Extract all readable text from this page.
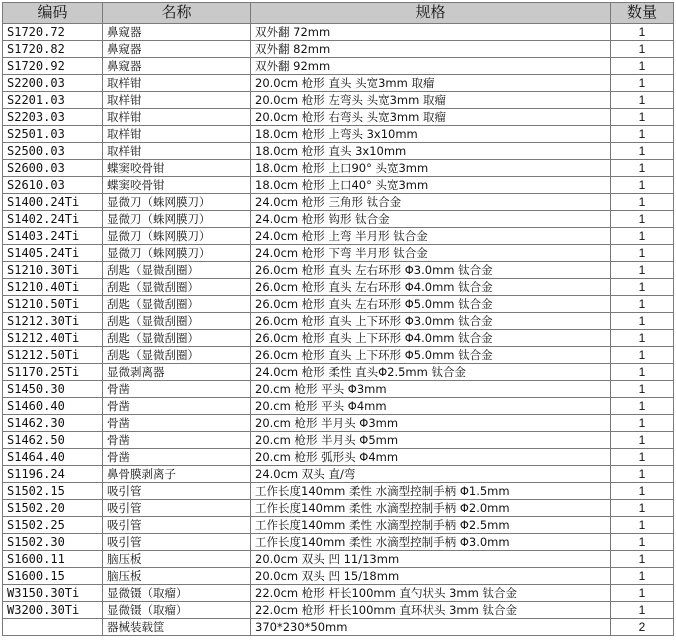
编码	名称	规格	数量
S1720.72	鼻窥器	双外翻 72mm	1
S1720.82	鼻窥器	双外翻 82mm	1
S1720.92	鼻窥器	双外翻 92mm	1
S2200.03	取样钳	20.0cm 枪形 直头 头宽3mm 取瘤	1
S2201.03	取样钳	20.0cm 枪形 左弯头 头宽3mm 取瘤	1
S2203.03	取样钳	20.0cm 枪形 右弯头 头宽3mm 取瘤	1
S2501.03	取样钳	18.0cm 枪形 上弯头 3x10mm	1
S2500.03	取样钳	18.0cm 枪形 直头 3x10mm	1
S2600.03	蝶窦咬骨钳	18.0cm 枪形 上口90° 头宽3mm	1
S2610.03	蝶窦咬骨钳	18.0cm 枪形 上口40° 头宽3mm	1
S1400.24Ti	显微刀（蛛网膜刀）	24.0cm 枪形 三角形 钛合金	1
S1402.24Ti	显微刀（蛛网膜刀）	24.0cm 枪形 钩形 钛合金	1
S1403.24Ti	显微刀（蛛网膜刀）	24.0cm 枪形 上弯 半月形 钛合金	1
S1405.24Ti	显微刀（蛛网膜刀）	24.0cm 枪形 下弯 半月形 钛合金	1
S1210.30Ti	刮匙（显微刮圈）	26.0cm 枪形 直头 左右环形 Φ3.0mm 钛合金	1
S1210.40Ti	刮匙（显微刮圈）	26.0cm 枪形 直头 左右环形 Φ4.0mm 钛合金	1
S1210.50Ti	刮匙（显微刮圈）	26.0cm 枪形 直头 左右环形 Φ5.0mm 钛合金	1
S1212.30Ti	刮匙（显微刮圈）	26.0cm 枪形 直头 上下环形 Φ3.0mm 钛合金	1
S1212.40Ti	刮匙（显微刮圈）	26.0cm 枪形 直头 上下环形 Φ4.0mm 钛合金	1
S1212.50Ti	刮匙（显微刮圈）	26.0cm 枪形 直头 上下环形 Φ5.0mm 钛合金	1
S1170.25Ti	显微剥离器	24.0cm 枪形 柔性 直头Φ2.5mm 钛合金	1
S1450.30	骨凿	20.cm 枪形 平头 Φ3mm	1
S1460.40	骨凿	20.cm 枪形 平头 Φ4mm	1
S1462.30	骨凿	20.cm 枪形 半月头 Φ3mm	1
S1462.50	骨凿	20.cm 枪形 半月头 Φ5mm	1
S1464.40	骨凿	20.cm 枪形 弧形头 Φ4mm	1
S1196.24	鼻骨膜剥离子	24.0cm 双头 直/弯	1
S1502.15	吸引管	工作长度140mm 柔性 水滴型控制手柄 Φ1.5mm	1
S1502.20	吸引管	工作长度140mm 柔性 水滴型控制手柄 Φ2.0mm	1
S1502.25	吸引管	工作长度140mm 柔性 水滴型控制手柄 Φ2.5mm	1
S1502.30	吸引管	工作长度140mm 柔性 水滴型控制手柄 Φ3.0mm	1
S1600.11	脑压板	20.0cm 双头 凹 11/13mm	1
S1600.15	脑压板	20.0cm 双头 凹 15/18mm	1
W3150.30Ti	显微镊（取瘤）	22.0cm 枪形 杆长100mm 直勺状头 3mm 钛合金	1
W3200.30Ti	显微镊（取瘤）	22.0cm 枪形 杆长100mm 直环状头 3mm 钛合金	1
	器械装载筐	370*230*50mm	2
